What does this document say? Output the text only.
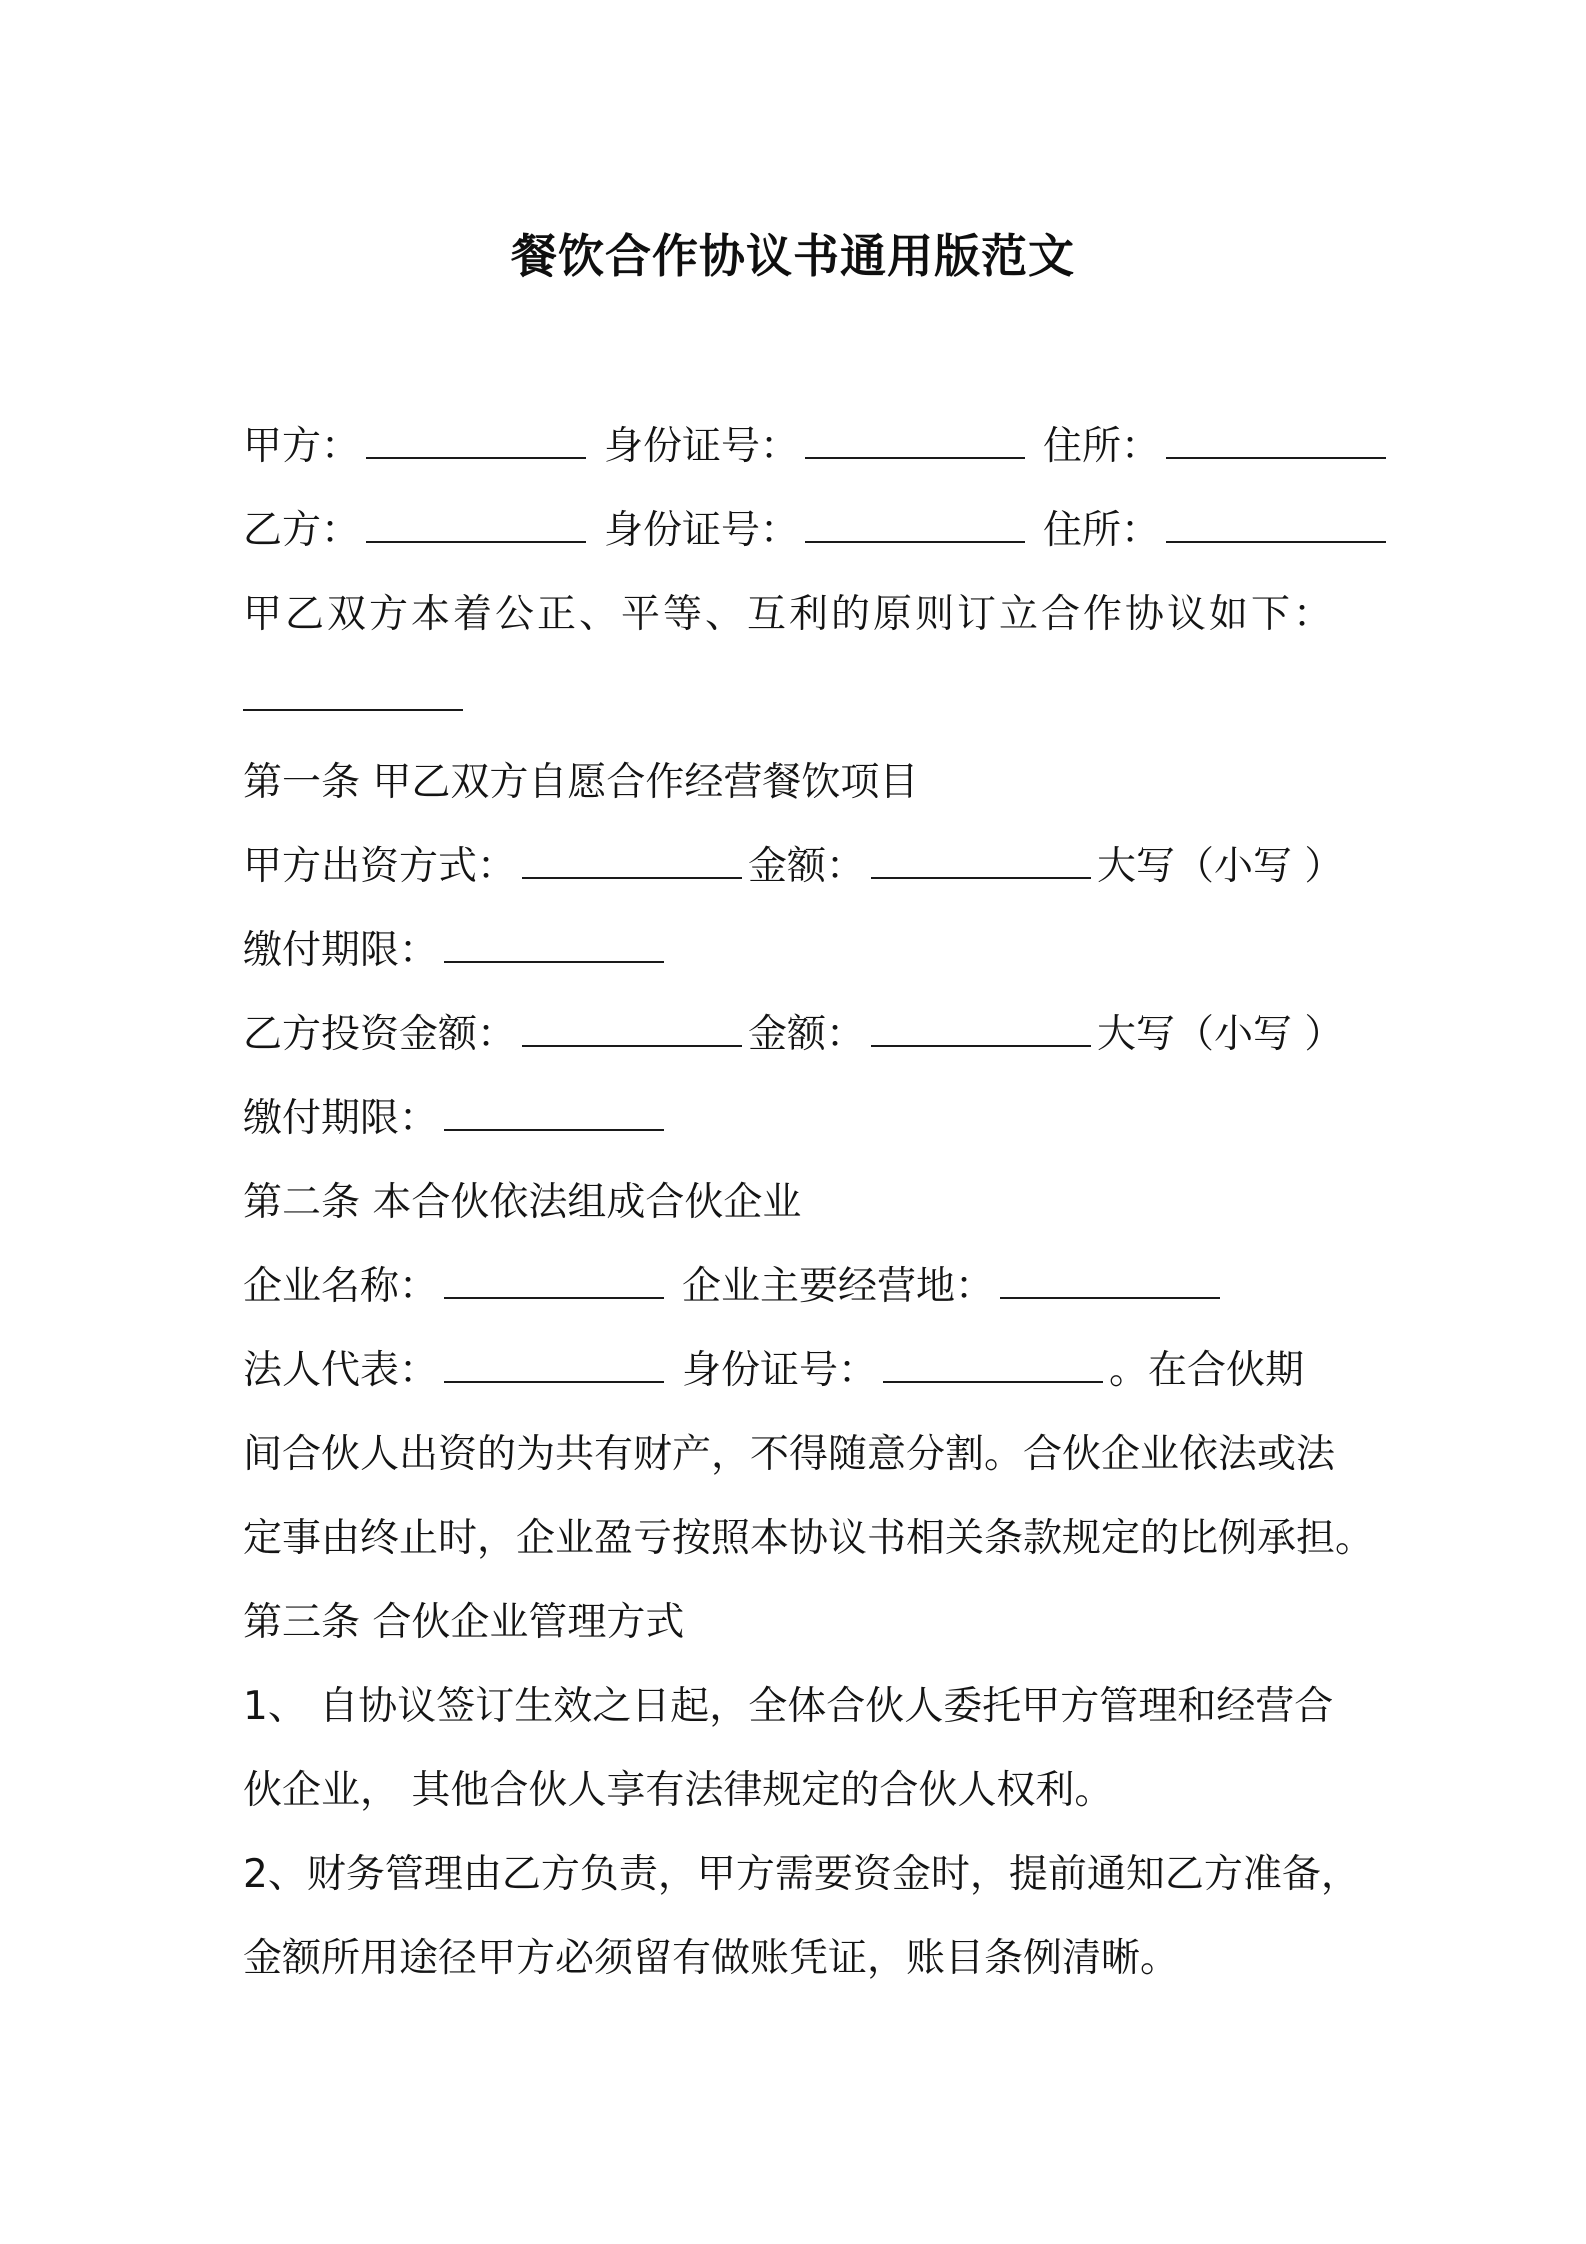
餐饮合作协议书通用版范文
甲方：	身份证号：	住所：
乙方：	身份证号：	住所：
甲乙双方本着公正、平等、互利的原则订立合作协议如下：
第一条 甲乙双方自愿合作经营餐饮项目
甲方出资方式：	金额：	大写（小写 ）
缴付期限：
乙方投资金额：	金额：	大写（小写 ）
缴付期限：
第二条 本合伙依法组成合伙企业
企业名称：	企业主要经营地：
法人代表：	身份证号：	。在合伙期
间合伙人出资的为共有财产，不得随意分割。合伙企业依法或法
定事由终止时，企业盈亏按照本协议书相关条款规定的比例承担。
第三条 合伙企业管理方式
1、 自协议签订生效之日起，全体合伙人委托甲方管理和经营合
伙企业， 其他合伙人享有法律规定的合伙人权利。
2、财务管理由乙方负责，甲方需要资金时，提前通知乙方准备，
金额所用途径甲方必须留有做账凭证，账目条例清晰。
